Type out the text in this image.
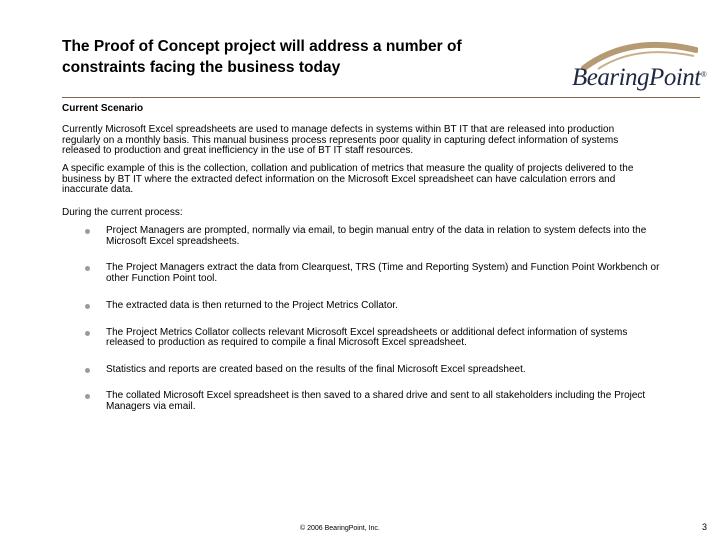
The Proof of Concept project will address a number of constraints facing the business today	BearingPoint®
Current Scenario
Currently Microsoft Excel spreadsheets are used to manage defects in systems within BT IT that are released into production regularly on a monthly basis. This manual business process represents poor quality in capturing defect information of systems released to production and great inefficiency in the use of BT IT staff resources.
A specific example of this is the collection, collation and publication of metrics that measure the quality of projects delivered to the business by BT IT where the extracted defect information on the Microsoft Excel spreadsheet can have calculation errors and inaccurate data.
During the current process:
Project Managers are prompted, normally via email, to begin manual entry of the data in relation to system defects into the Microsoft Excel spreadsheets.
The Project Managers extract the data from Clearquest, TRS (Time and Reporting System) and Function Point Workbench or other Function Point tool.
The extracted data is then returned to the Project Metrics Collator.
The Project Metrics Collator collects relevant Microsoft Excel spreadsheets or additional defect information of systems released to production as required to compile a final Microsoft Excel spreadsheet.
Statistics and reports are created based on the results of the final Microsoft Excel spreadsheet.
The collated Microsoft Excel spreadsheet is then saved to a shared drive and sent to all stakeholders including the Project Managers via email.
© 2006 BearingPoint, Inc.	3
